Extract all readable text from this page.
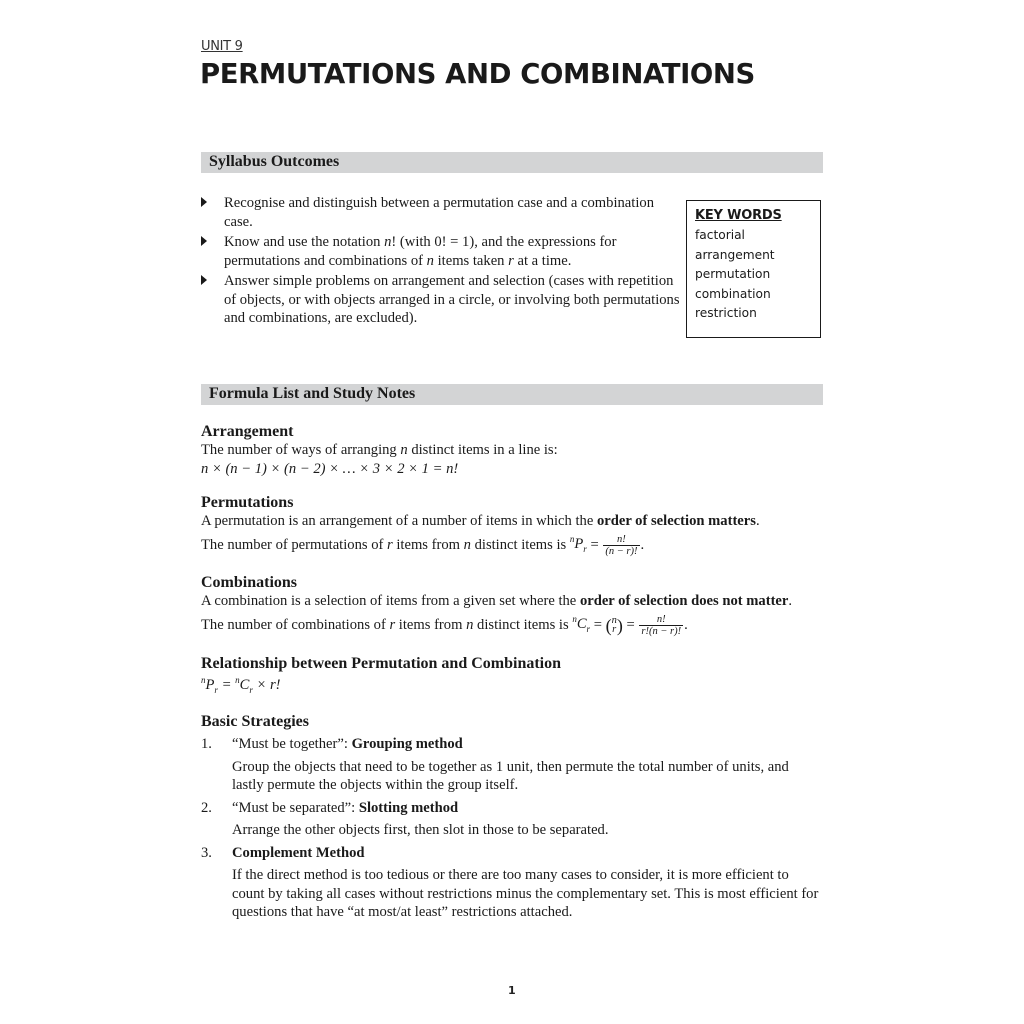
UNIT 9
PERMUTATIONS AND COMBINATIONS
Syllabus Outcomes
Recognise and distinguish between a permutation case and a combination case.
Know and use the notation n! (with 0! = 1), and the expressions for permutations and combinations of n items taken r at a time.
Answer simple problems on arrangement and selection (cases with repetition of objects, or with objects arranged in a circle, or involving both permutations and combinations, are excluded).
KEY WORDS
factorial
arrangement
permutation
combination
restriction
Formula List and Study Notes
Arrangement
The number of ways of arranging n distinct items in a line is:
n × (n − 1) × (n − 2) × … × 3 × 2 × 1 = n!
Permutations
A permutation is an arrangement of a number of items in which the order of selection matters.
The number of permutations of r items from n distinct items is $^nP_r = \frac{n!}{(n - r)!}$ .
Combinations
A combination is a selection of items from a given set where the order of selection does not matter.
The number of combinations of r items from n distinct items is $^nC_r$ = ( n
r ) = $\frac{n!}{r!(n - r)!}$ .
Relationship between Permutation and Combination
$^nP_r = ^nC_r \times r$!
Basic Strategies
1.	“Must be together”: Grouping method
Group the objects that need to be together as 1 unit, then permute the total number of units, and lastly permute the objects within the group itself.
2.	“Must be separated”: Slotting method
Arrange the other objects first, then slot in those to be separated.
3.	Complement Method
If the direct method is too tedious or there are too many cases to consider, it is more efficient to count by taking all cases without restrictions minus the complementary set. This is most efficient for questions that have “at most/at least” restrictions attached.
1
